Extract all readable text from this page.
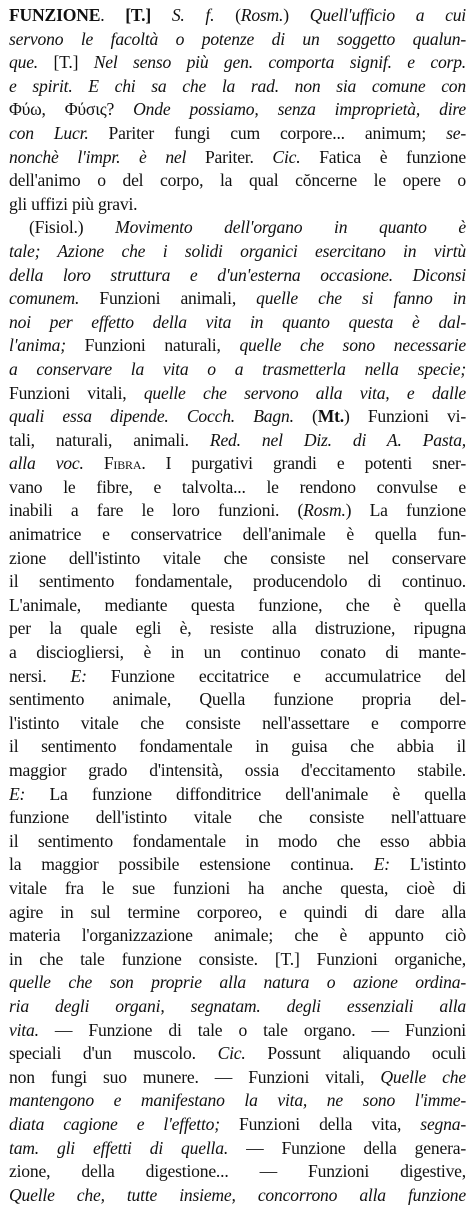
FUNZIONE. [T.] S. f. (Rosm.) Quell'ufficio a cui
servono le facoltà o potenze di un soggetto qualun-
que. [T.] Nel senso più gen. comporta signif. e corp.
e spirit. E chi sa che la rad. non sia comune con
Φύω, Φύσις? Onde possiamo, senza improprietà, dire
con Lucr. Pariter fungi cum corpore... animum; se-
nonchè l'impr. è nel Pariter. Cic. Fatica è funzione
dell'animo o del corpo, la qual cŏncerne le opere o
gli uffizi più gravi.
(Fisiol.) Movimento dell'organo in quanto è
tale; Azione che i solidi organici esercitano in virtù
della loro struttura e d'un'esterna occasione. Diconsi
comunem. Funzioni animali, quelle che si fanno in
noi per effetto della vita in quanto questa è dal-
l'anima; Funzioni naturali, quelle che sono necessarie
a conservare la vita o a trasmetterla nella specie;
Funzioni vitali, quelle che servono alla vita, e dalle
quali essa dipende. Cocch. Bagn. (Mt.) Funzioni vi-
tali, naturali, animali. Red. nel Diz. di A. Pasta,
alla voc. Fibra. I purgativi grandi e potenti sner-
vano le fibre, e talvolta... le rendono convulse e
inabili a fare le loro funzioni. (Rosm.) La funzione
animatrice e conservatrice dell'animale è quella fun-
zione dell'istinto vitale che consiste nel conservare
il sentimento fondamentale, producendolo di continuo.
L'animale, mediante questa funzione, che è quella
per la quale egli è, resiste alla distruzione, ripugna
a disciogliersi, è in un continuo conato di mante-
nersi. E: Funzione eccitatrice e accumulatrice del
sentimento animale, Quella funzione propria del-
l'istinto vitale che consiste nell'assettare e comporre
il sentimento fondamentale in guisa che abbia il
maggior grado d'intensità, ossia d'eccitamento stabile.
E: La funzione diffonditrice dell'animale è quella
funzione dell'istinto vitale che consiste nell'attuare
il sentimento fondamentale in modo che esso abbia
la maggior possibile estensione continua. E: L'istinto
vitale fra le sue funzioni ha anche questa, cioè di
agire in sul termine corporeo, e quindi di dare alla
materia l'organizzazione animale; che è appunto ciò
in che tale funzione consiste. [T.] Funzioni organiche,
quelle che son proprie alla natura o azione ordina-
ria degli organi, segnatam. degli essenziali alla
vita. — Funzione di tale o tale organo. — Funzioni
speciali d'un muscolo. Cic. Possunt aliquando oculi
non fungi suo munere. — Funzioni vitali, Quelle che
mantengono e manifestano la vita, ne sono l'imme-
diata cagione e l'effetto; Funzioni della vita, segna-
tam. gli effetti di quella. — Funzione della genera-
zione, della digestione... — Funzioni digestive,
Quelle che, tutte insieme, concorrono alla funzione
